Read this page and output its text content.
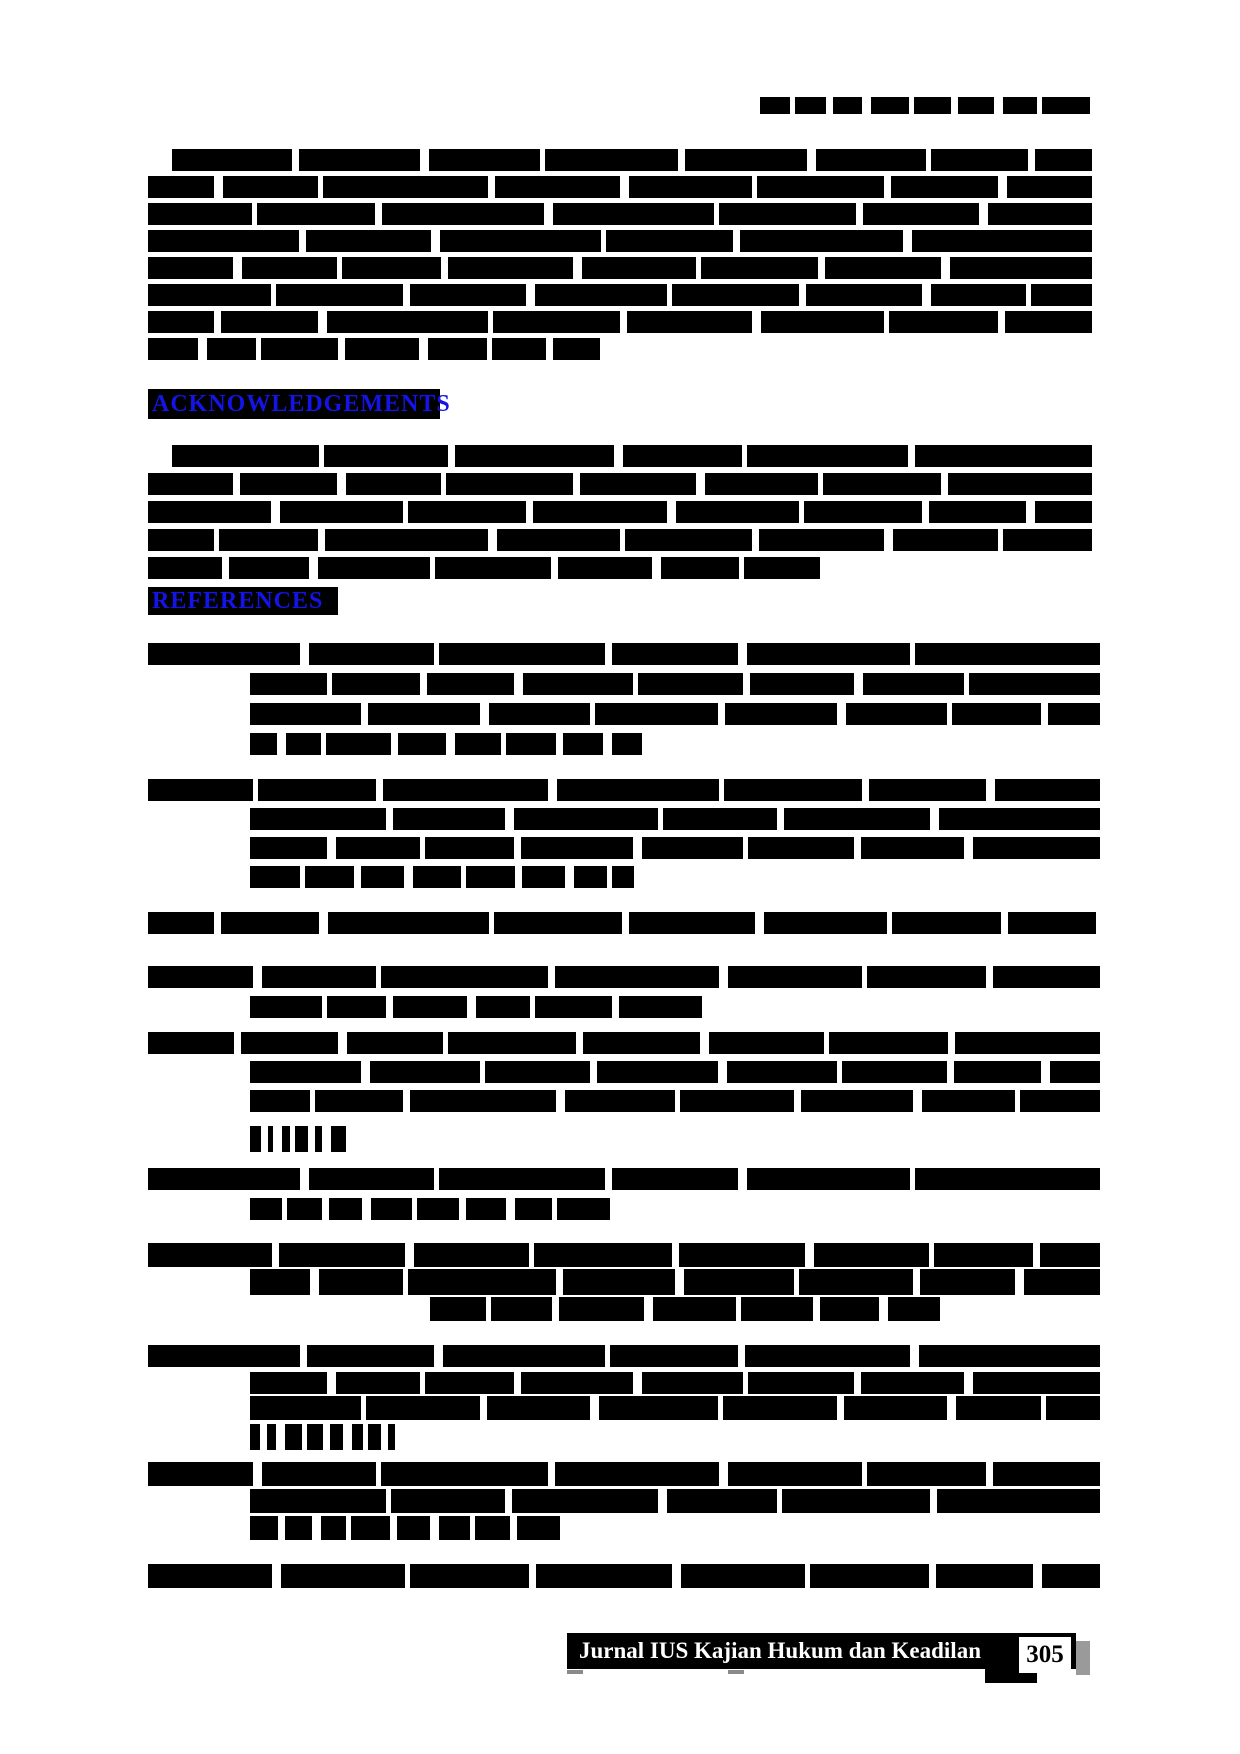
ACKNOWLEDGEMENTS
REFERENCES
Jurnal IUS Kajian Hukum dan Keadilan 305
